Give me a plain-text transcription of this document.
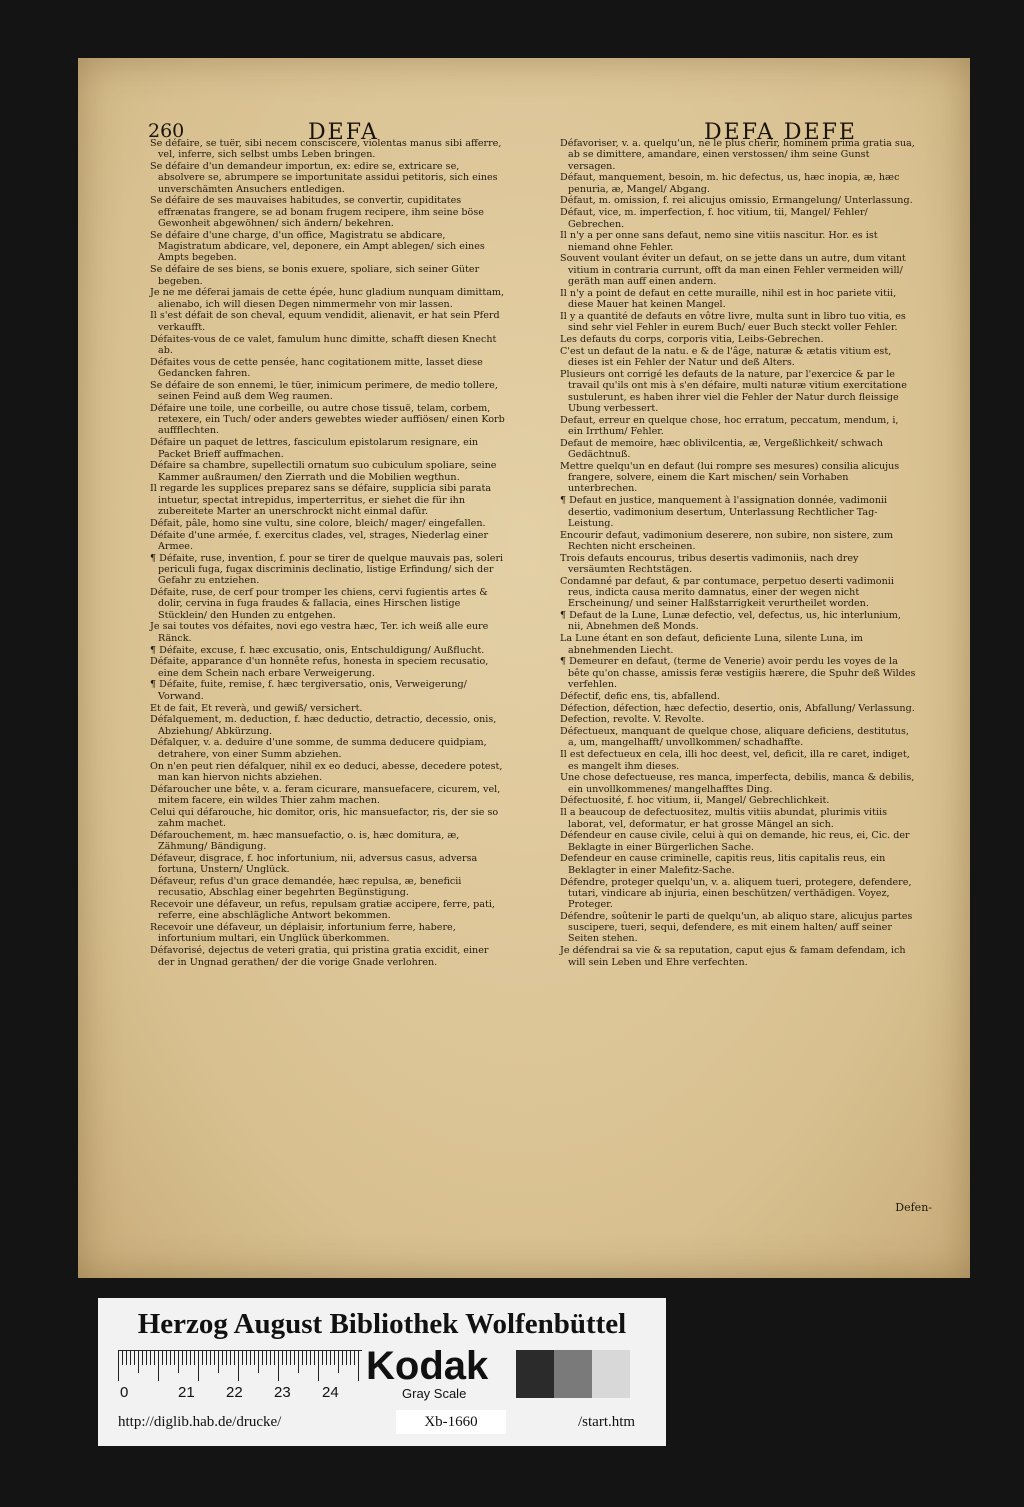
260	DEFA	DEFA DEFE

Se défaire, se tuër, sibi necem consciscere, violentas manus sibi afferre, vel, inferre, sich selbst umbs Leben bringen.

Se défaire d'un demandeur importun, ex: edire se, extricare se, absolvere se, abrumpere se importunitate assidui petitoris, sich eines unverschämten Ansuchers entledigen.

Se défaire de ses mauvaises habitudes, se convertir, cupiditates effrænatas frangere, se ad bonam frugem recipere, ihm seine böse Gewonheit abgewöhnen/ sich ändern/ bekehren.

Se défaire d'une charge, d'un office, Magistratu se abdicare, Magistratum abdicare, vel, deponere, ein Ampt ablegen/ sich eines Ampts begeben.

Se défaire de ses biens, se bonis exuere, spoliare, sich seiner Güter begeben.

Je ne me déferai jamais de cette épée, hunc gladium nunquam dimittam, alienabo, ich will diesen Degen nimmermehr von mir lassen.

Il s'est défait de son cheval, equum vendidit, alienavit, er hat sein Pferd verkaufft.

Défaites-vous de ce valet, famulum hunc dimitte, schafft diesen Knecht ab.

Défaites vous de cette pensée, hanc cogitationem mitte, lasset diese Gedancken fahren.

Se défaire de son ennemi, le tüer, inimicum perimere, de medio tollere, seinen Feind auß dem Weg raumen.

Défaire une toile, une corbeille, ou autre chose tissuë, telam, corbem, retexere, ein Tuch/ oder anders gewebtes wieder auffiösen/ einen Korb auffflechten.

Défaire un paquet de lettres, fasciculum epistolarum resignare, ein Packet Brieff auffmachen.

Défaire sa chambre, supellectili ornatum suo cubiculum spoliare, seine Kammer außraumen/ den Zierrath und die Mobilien wegthun.

Il regarde les supplices preparez sans se défaire, supplicia sibi parata intuetur, spectat intrepidus, imperterritus, er siehet die für ihn zubereitete Marter an unerschrockt nicht einmal dafür.

Défait, pâle, homo sine vultu, sine colore, bleich/ mager/ eingefallen.

Défaite d'une armée, f. exercitus clades, vel, strages, Niederlag einer Armee.

¶ Défaite, ruse, invention, f. pour se tirer de quelque mauvais pas, soleri periculi fuga, fugax discriminis declinatio, listige Erfindung/ sich der Gefahr zu entziehen.

Défaite, ruse, de cerf pour tromper les chiens, cervi fugientis artes & dolir, cervina in fuga fraudes & fallacia, eines Hirschen listige Stücklein/ den Hunden zu entgehen.

Je sai toutes vos défaites, novi ego vestra hæc, Ter. ich weiß alle eure Ränck.

¶ Défaite, excuse, f. hæc excusatio, onis, Entschuldigung/ Außflucht.

Défaite, apparance d'un honnête refus, honesta in speciem recusatio, eine dem Schein nach erbare Verweigerung.

¶ Défaite, fuite, remise, f. hæc tergiversatio, onis, Verweigerung/ Vorwand.

Et de fait, Et reverà, und gewiß/ versichert.

Défalquement, m. deduction, f. hæc deductio, detractio, decessio, onis, Abziehung/ Abkürzung.

Défalquer, v. a. deduire d'une somme, de summa deducere quidpiam, detrahere, von einer Summ abziehen.

On n'en peut rien défalquer, nihil ex eo deduci, abesse, decedere potest, man kan hiervon nichts abziehen.

Défaroucher une bête, v. a. feram cicurare, mansuefacere, cicurem, vel, mitem facere, ein wildes Thier zahm machen.

Celui qui défarouche, hic domitor, oris, hic mansuefactor, ris, der sie so zahm machet.

Défarouchement, m. hæc mansuefactio, o. is, hæc domitura, æ, Zähmung/ Bändigung.

Défaveur, disgrace, f. hoc infortunium, nii, adversus casus, adversa fortuna, Unstern/ Unglück.

Défaveur, refus d'un grace demandée, hæc repulsa, æ, beneficii recusatio, Abschlag einer begehrten Begünstigung.

Recevoir une défaveur, un refus, repulsam gratiæ accipere, ferre, pati, referre, eine abschlägliche Antwort bekommen.

Recevoir une défaveur, un déplaisir, infortunium ferre, habere, infortunium multari, ein Unglück überkommen.

Défavorisé, dejectus de veteri gratia, qui pristina gratia excidit, einer der in Ungnad gerathen/ der die vorige Gnade verlohren.

Défavoriser, v. a. quelqu'un, ne le plus cherir, hominem prima gratia sua, ab se dimittere, amandare, einen verstossen/ ihm seine Gunst versagen.

Défaut, manquement, besoin, m. hic defectus, us, hæc inopia, æ, hæc penuria, æ, Mangel/ Abgang.

Défaut, m. omission, f. rei alicujus omissio, Ermangelung/ Unterlassung.

Défaut, vice, m. imperfection, f. hoc vitium, tii, Mangel/ Fehler/ Gebrechen.

Il n'y a per onne sans defaut, nemo sine vitiis nascitur. Hor. es ist niemand ohne Fehler.

Souvent voulant éviter un defaut, on se jette dans un autre, dum vitant vitium in contraria currunt, offt da man einen Fehler vermeiden will/ geräth man auff einen andern.

Il n'y a point de defaut en cette muraille, nihil est in hoc pariete vitii, diese Mauer hat keinen Mangel.

Il y a quantité de defauts en vôtre livre, multa sunt in libro tuo vitia, es sind sehr viel Fehler in eurem Buch/ euer Buch steckt voller Fehler.

Les defauts du corps, corporis vitia, Leibs-Gebrechen.

C'est un defaut de la natu. e & de l'âge, naturæ & ætatis vitium est, dieses ist ein Fehler der Natur und deß Alters.

Plusieurs ont corrigé les defauts de la nature, par l'exercice & par le travail qu'ils ont mis à s'en défaire, multi naturæ vitium exercitatione sustulerunt, es haben ihrer viel die Fehler der Natur durch fleissige Ubung verbessert.

Defaut, erreur en quelque chose, hoc erratum, peccatum, mendum, i, ein Irrthum/ Fehler.

Defaut de memoire, hæc oblivilcentia, æ, Vergeßlichkeit/ schwach Gedächtnuß.

Mettre quelqu'un en defaut (lui rompre ses mesures) consilia alicujus frangere, solvere, einem die Kart mischen/ sein Vorhaben unterbrechen.

¶ Defaut en justice, manquement à l'assignation donnée, vadimonii desertio, vadimonium desertum, Unterlassung Rechtlicher Tag-Leistung.

Encourir defaut, vadimonium deserere, non subire, non sistere, zum Rechten nicht erscheinen.

Trois defauts encourus, tribus desertis vadimoniis, nach drey versäumten Rechtstägen.

Condamné par defaut, & par contumace, perpetuo deserti vadimonii reus, indicta causa merito damnatus, einer der wegen nicht Erscheinung/ und seiner Halßstarrigkeit verurtheilet worden.

¶ Defaut de la Lune, Lunæ defectio, vel, defectus, us, hic interlunium, nii, Abnehmen deß Monds.

La Lune étant en son defaut, deficiente Luna, silente Luna, im abnehmenden Liecht.

¶ Demeurer en defaut, (terme de Venerie) avoir perdu les voyes de la bête qu'on chasse, amissis feræ vestigiis hærere, die Spuhr deß Wildes verfehlen.

Défectif, defic ens, tis, abfallend.

Défection, défection, hæc defectio, desertio, onis, Abfallung/ Verlassung.

Defection, revolte. V. Revolte.

Défectueux, manquant de quelque chose, aliquare deficiens, destitutus, a, um, mangelhafft/ unvollkommen/ schadhaffte.

Il est defectueux en cela, illi hoc deest, vel, deficit, illa re caret, indiget, es mangelt ihm dieses.

Une chose defectueuse, res manca, imperfecta, debilis, manca & debilis, ein unvollkommenes/ mangelhafftes Ding.

Défectuosité, f. hoc vitium, ii, Mangel/ Gebrechlichkeit.

Il a beaucoup de defectuositez, multis vitiis abundat, plurimis vitiis laborat, vel, deformatur, er hat grosse Mängel an sich.

Défendeur en cause civile, celui à qui on demande, hic reus, ei, Cic. der Beklagte in einer Bürgerlichen Sache.

Defendeur en cause criminelle, capitis reus, litis capitalis reus, ein Beklagter in einer Malefitz-Sache.

Défendre, proteger quelqu'un, v. a. aliquem tueri, protegere, defendere, tutari, vindicare ab injuria, einen beschützen/ verthädigen. Voyez, Proteger.

Défendre, soûtenir le parti de quelqu'un, ab aliquo stare, alicujus partes suscipere, tueri, sequi, defendere, es mit einem halten/ auff seiner Seiten stehen.

Je défendrai sa vie & sa reputation, caput ejus & famam defendam, ich will sein Leben und Ehre verfechten.

Defen-
Herzog August Bibliothek Wolfenbüttel
0	21 22 23 24
Kodak
Gray Scale
http://diglib.hab.de/drucke/	Xb-1660	/start.htm
